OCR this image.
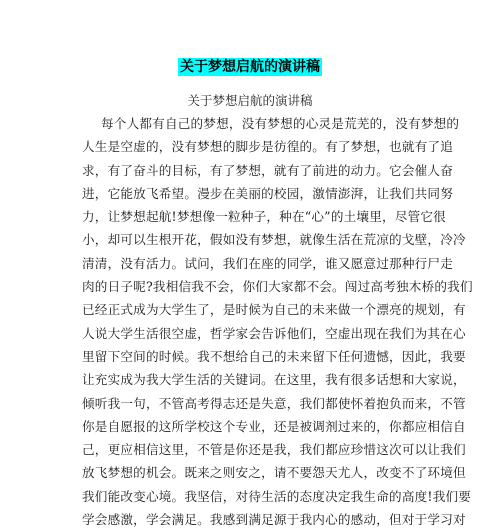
关于梦想启航的演讲稿
关于梦想启航的演讲稿
每个人都有自己的梦想，没有梦想的心灵是荒芜的，没有梦想的
人生是空虚的，没有梦想的脚步是彷徨的。有了梦想，也就有了追
求，有了奋斗的目标，有了梦想，就有了前进的动力。它会催人奋
进，它能放飞希望。漫步在美丽的校园，激情澎湃，让我们共同努
力，让梦想起航!梦想像一粒种子，种在“心”的土壤里，尽管它很
小，却可以生根开花，假如没有梦想，就像生活在荒凉的戈壁，冷冷
清清，没有活力。试问，我们在座的同学，谁又愿意过那种行尸走
肉的日子呢?我相信我不会，你们大家都不会。闯过高考独木桥的我们
已经正式成为大学生了，是时候为自己的未来做一个漂亮的规划，有
人说大学生活很空虚，哲学家会告诉他们，空虚出现在我们为其在心
里留下空间的时候。我不想给自己的未来留下任何遗憾，因此，我要
让充实成为我大学生活的关键词。在这里，我有很多话想和大家说，
倾听我一句，不管高考得志还是失意，我们都使怀着抱负而来，不管
你是自愿报的这所学校这个专业，还是被调剂过来的，你都应相信自
己，更应相信这里，不管是你还是我，我们都应珍惜这次可以让我们
放飞梦想的机会。既来之则安之，请不要怨天尤人，改变不了环境但
我们能改变心境。我坚信，对待生活的态度决定我生命的高度!我们要
学会感激，学会满足。我感到满足源于我内心的感动，但对于学习对
